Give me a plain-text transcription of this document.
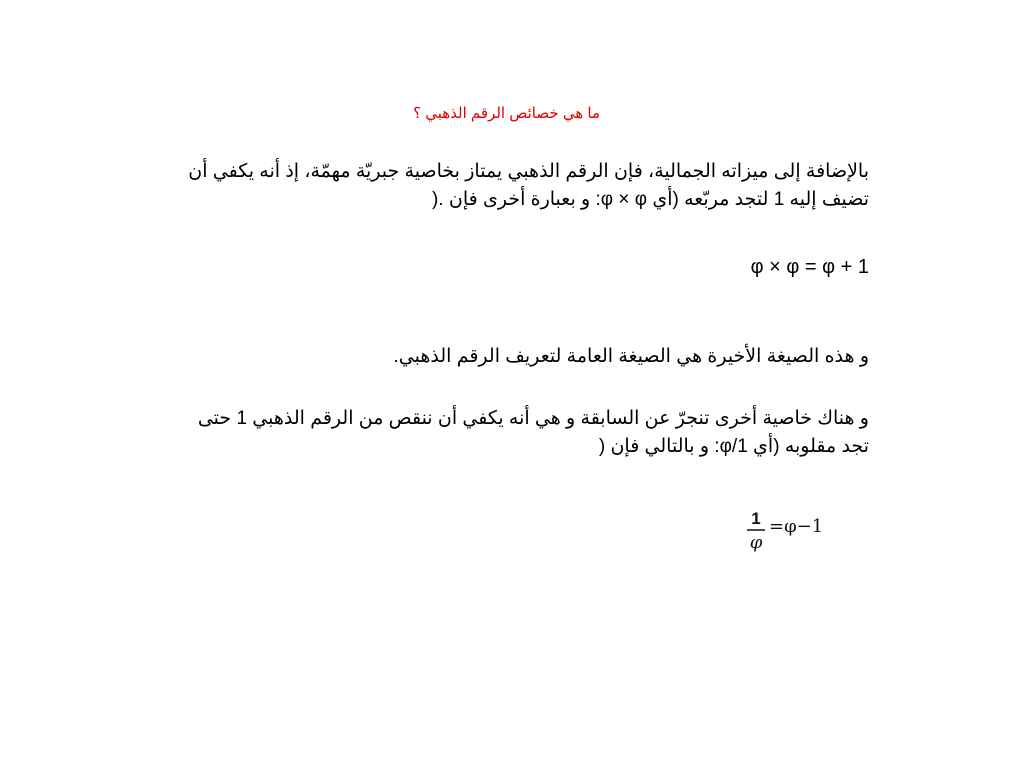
ما هي خصائص الرقم الذهبي ؟
بالإضافة إلى ميزاته الجمالية، فإن الرقم الذهبي يمتاز بخاصية جبريّة مهمّة، إذ أنه يكفي أن
تضيف إليه 1 لتجد مربّعه (أي φ × φ: و بعبارة أخرى فإن .(
φ × φ = φ + 1
و هذه الصيغة الأخيرة هي الصيغة العامة لتعريف الرقم الذهبي.
و هناك خاصية أخرى تنجرّ عن السابقة و هي أنه يكفي أن ننقص من الرقم الذهبي 1 حتى
تجد مقلوبه (أي 1/φ: و بالتالي فإن (
1
φ
=φ−1
